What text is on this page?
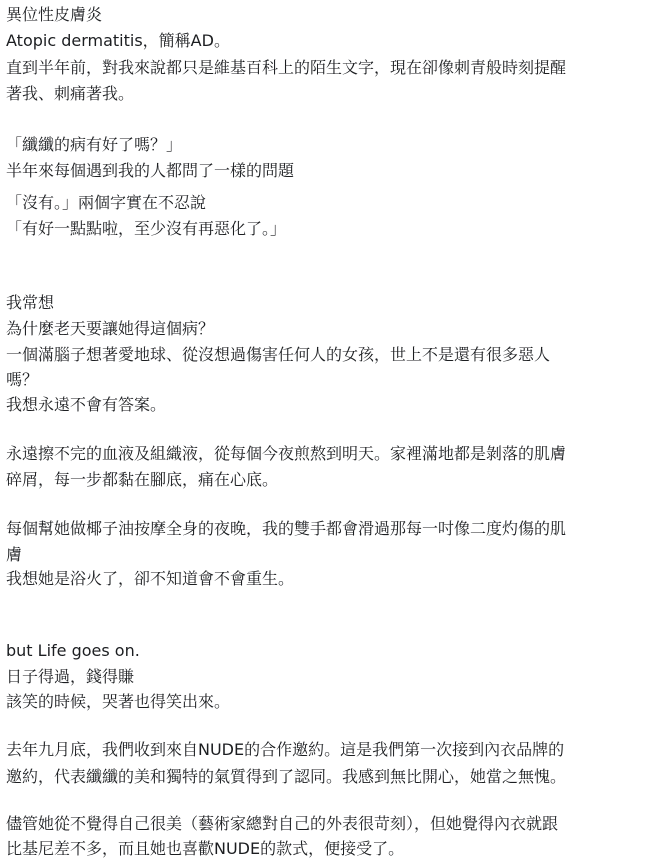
異位性皮膚炎

Atopic dermatitis，簡稱AD。

直到半年前，對我來說都只是維基百科上的陌生文字，現在卻像刺青般時刻提醒

著我、刺痛著我。

「纖纖的病有好了嗎？」

半年來每個遇到我的人都問了一樣的問題

「沒有。」兩個字實在不忍說

「有好一點點啦，至少沒有再惡化了。」

我常想

為什麼老天要讓她得這個病？

一個滿腦子想著愛地球、從沒想過傷害任何人的女孩，世上不是還有很多惡人

嗎？

我想永遠不會有答案。

永遠擦不完的血液及組織液，從每個今夜煎熬到明天。家裡滿地都是剝落的肌膚

碎屑，每一步都黏在腳底，痛在心底。

每個幫她做椰子油按摩全身的夜晚，我的雙手都會滑過那每一吋像二度灼傷的肌

膚

我想她是浴火了，卻不知道會不會重生。

but Life goes on.

日子得過，錢得賺

該笑的時候，哭著也得笑出來。

去年九月底，我們收到來自NUDE的合作邀約。這是我們第一次接到內衣品牌的

邀約，代表纖纖的美和獨特的氣質得到了認同。我感到無比開心，她當之無愧。

儘管她從不覺得自己很美（藝術家總對自己的外表很苛刻），但她覺得內衣就跟

比基尼差不多，而且她也喜歡NUDE的款式，便接受了。
